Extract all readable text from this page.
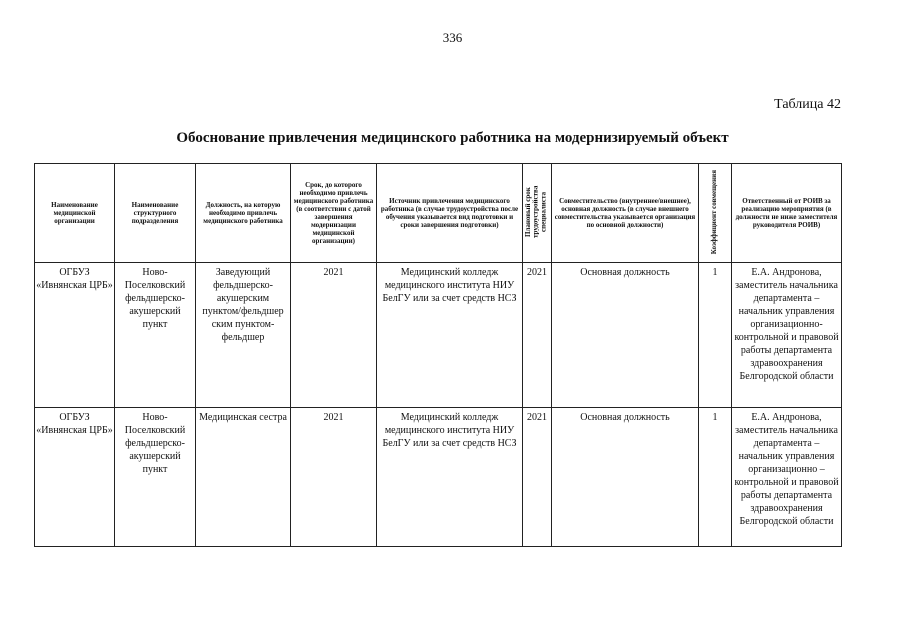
336
Таблица 42
Обоснование привлечения медицинского работника на модернизируемый объект
Наименование медицинской организации	Наименование структурного подразделения	Должность, на которую необходимо привлечь медицинского работника	Срок, до которого необходимо привлечь медицинского работника (в соответствии с датой завершения модернизации медицинской организации)	Источник привлечения медицинского работника (в случае трудоустройства после обучения указывается вид подготовки и сроки завершения подготовки)	Плановый срок трудоустройства специалиста	Совместительство (внутреннее/внешнее), основная должность (в случае внешнего совместительства указывается организация по основной должности)	Коэффициент совмещения	Ответственный от РОИВ за реализацию мероприятия (в должности не ниже заместителя руководителя РОИВ)
ОГБУЗ «Ивнянская ЦРБ»	Ново-Поселковский фельдшерско-акушерский пункт	Заведующий фельдшерско-акушерским пунктом/фельдшер ским пунктом-фельдшер	2021	Медицинский колледж медицинского института НИУ БелГУ или за счет средств НСЗ	2021	Основная должность	1	Е.А. Андронова, заместитель начальника департамента – начальник управления организационно-контрольной и правовой работы департамента здравоохранения Белгородской области
ОГБУЗ «Ивнянская ЦРБ»	Ново-Поселковский фельдшерско-акушерский пункт	Медицинская сестра	2021	Медицинский колледж медицинского института НИУ БелГУ или за счет средств НСЗ	2021	Основная должность	1	Е.А. Андронова, заместитель начальника департамента – начальник управления организационно – контрольной и правовой работы департамента здравоохранения Белгородской области
